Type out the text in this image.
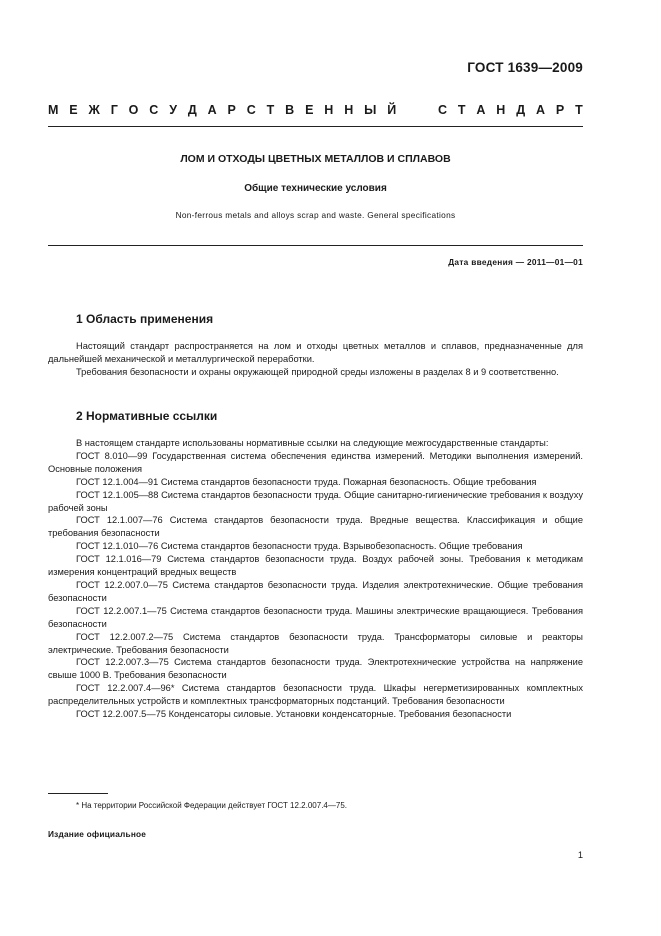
ГОСТ 1639—2009
М Е Ж Г О С У Д А Р С Т В Е Н Н Ы Й	С Т А Н Д А Р Т
ЛОМ И ОТХОДЫ ЦВЕТНЫХ МЕТАЛЛОВ И СПЛАВОВ
Общие технические условия
Non-ferrous metals and alloys scrap and waste. General specifications
Дата введения — 2011—01—01
1 Область применения

Настоящий стандарт распространяется на лом и отходы цветных металлов и сплавов, предназначенные для дальнейшей механической и металлургической переработки.

Требования безопасности и охраны окружающей природной среды изложены в разделах 8 и 9 соответственно.

2 Нормативные ссылки

В настоящем стандарте использованы нормативные ссылки на следующие межгосударственные стандарты:

ГОСТ 8.010—99 Государственная система обеспечения единства измерений. Методики выполнения измерений. Основные положения

ГОСТ 12.1.004—91 Система стандартов безопасности труда. Пожарная безопасность. Общие требования

ГОСТ 12.1.005—88 Система стандартов безопасности труда. Общие санитарно-гигиенические требования к воздуху рабочей зоны

ГОСТ 12.1.007—76 Система стандартов безопасности труда. Вредные вещества. Классификация и общие требования безопасности

ГОСТ 12.1.010—76 Система стандартов безопасности труда. Взрывобезопасность. Общие требования

ГОСТ 12.1.016—79 Система стандартов безопасности труда. Воздух рабочей зоны. Требования к методикам измерения концентраций вредных веществ

ГОСТ 12.2.007.0—75 Система стандартов безопасности труда. Изделия электротехнические. Общие требования безопасности

ГОСТ 12.2.007.1—75 Система стандартов безопасности труда. Машины электрические вращающиеся. Требования безопасности

ГОСТ 12.2.007.2—75 Система стандартов безопасности труда. Трансформаторы силовые и реакторы электрические. Требования безопасности

ГОСТ 12.2.007.3—75 Система стандартов безопасности труда. Электротехнические устройства на напряжение свыше 1000 В. Требования безопасности

ГОСТ 12.2.007.4—96* Система стандартов безопасности труда. Шкафы негерметизированных комплектных распределительных устройств и комплектных трансформаторных подстанций. Требования безопасности

ГОСТ 12.2.007.5—75 Конденсаторы силовые. Установки конденсаторные. Требования безопасности

* На территории Российской Федерации действует ГОСТ 12.2.007.4—75.
Издание официальное
1
